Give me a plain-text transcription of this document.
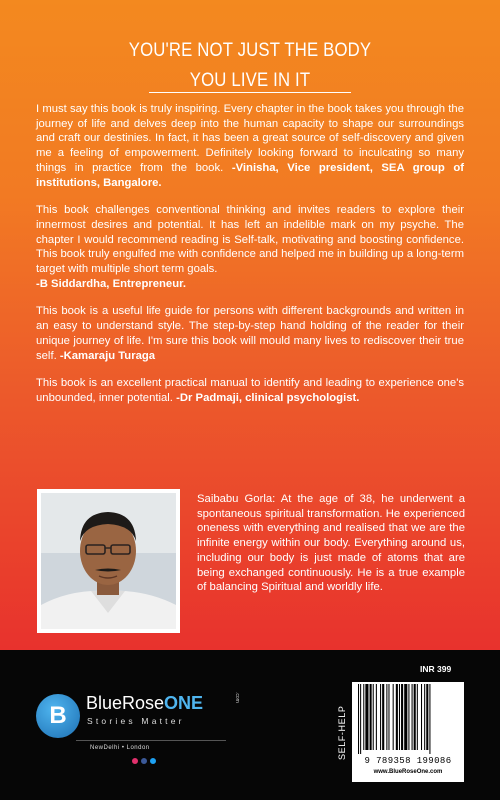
YOU'RE NOT JUST THE BODY
YOU LIVE IN IT

I must say this book is truly inspiring. Every chapter in the book takes you through the journey of life and delves deep into the human capacity to shape our surroundings and craft our destinies. In fact, it has been a great source of self-discovery and given me a feeling of empowerment. Definitely looking forward to inculcating so many things in practice from the book. -Vinisha, Vice president, SEA group of institutions, Bangalore.

This book challenges conventional thinking and invites readers to explore their innermost desires and potential. It has left an indelible mark on my psyche. The chapter I would recommend reading is Self-talk, motivating and boosting confidence. This book truly engulfed me with confidence and helped me in building up a long-term target with multiple short term goals.
-B Siddardha, Entrepreneur.

This book is a useful life guide for persons with different backgrounds and written in an easy to understand style. The step-by-step hand holding of the reader for their unique journey of life. I'm sure this book will mould many lives to rediscover their true self. -Kamaraju Turaga

This book is an excellent practical manual to identify and leading to experience one's unbounded, inner potential. -Dr Padmaji, clinical psychologist.

Saibabu Gorla: At the age of 38, he underwent a spontaneous spiritual transformation. He experienced oneness with everything and realised that we are the infinite energy within our body. Everything around us, including our body is just made of atoms that are being exchanged continuously. He is a true example of balancing Spiritual and worldly life.
B BlueRoseONE	.com
Stories Matter
NewDelhi • London
INR 399
SELF-HELP
9 789358 199086
www.BlueRoseOne.com
